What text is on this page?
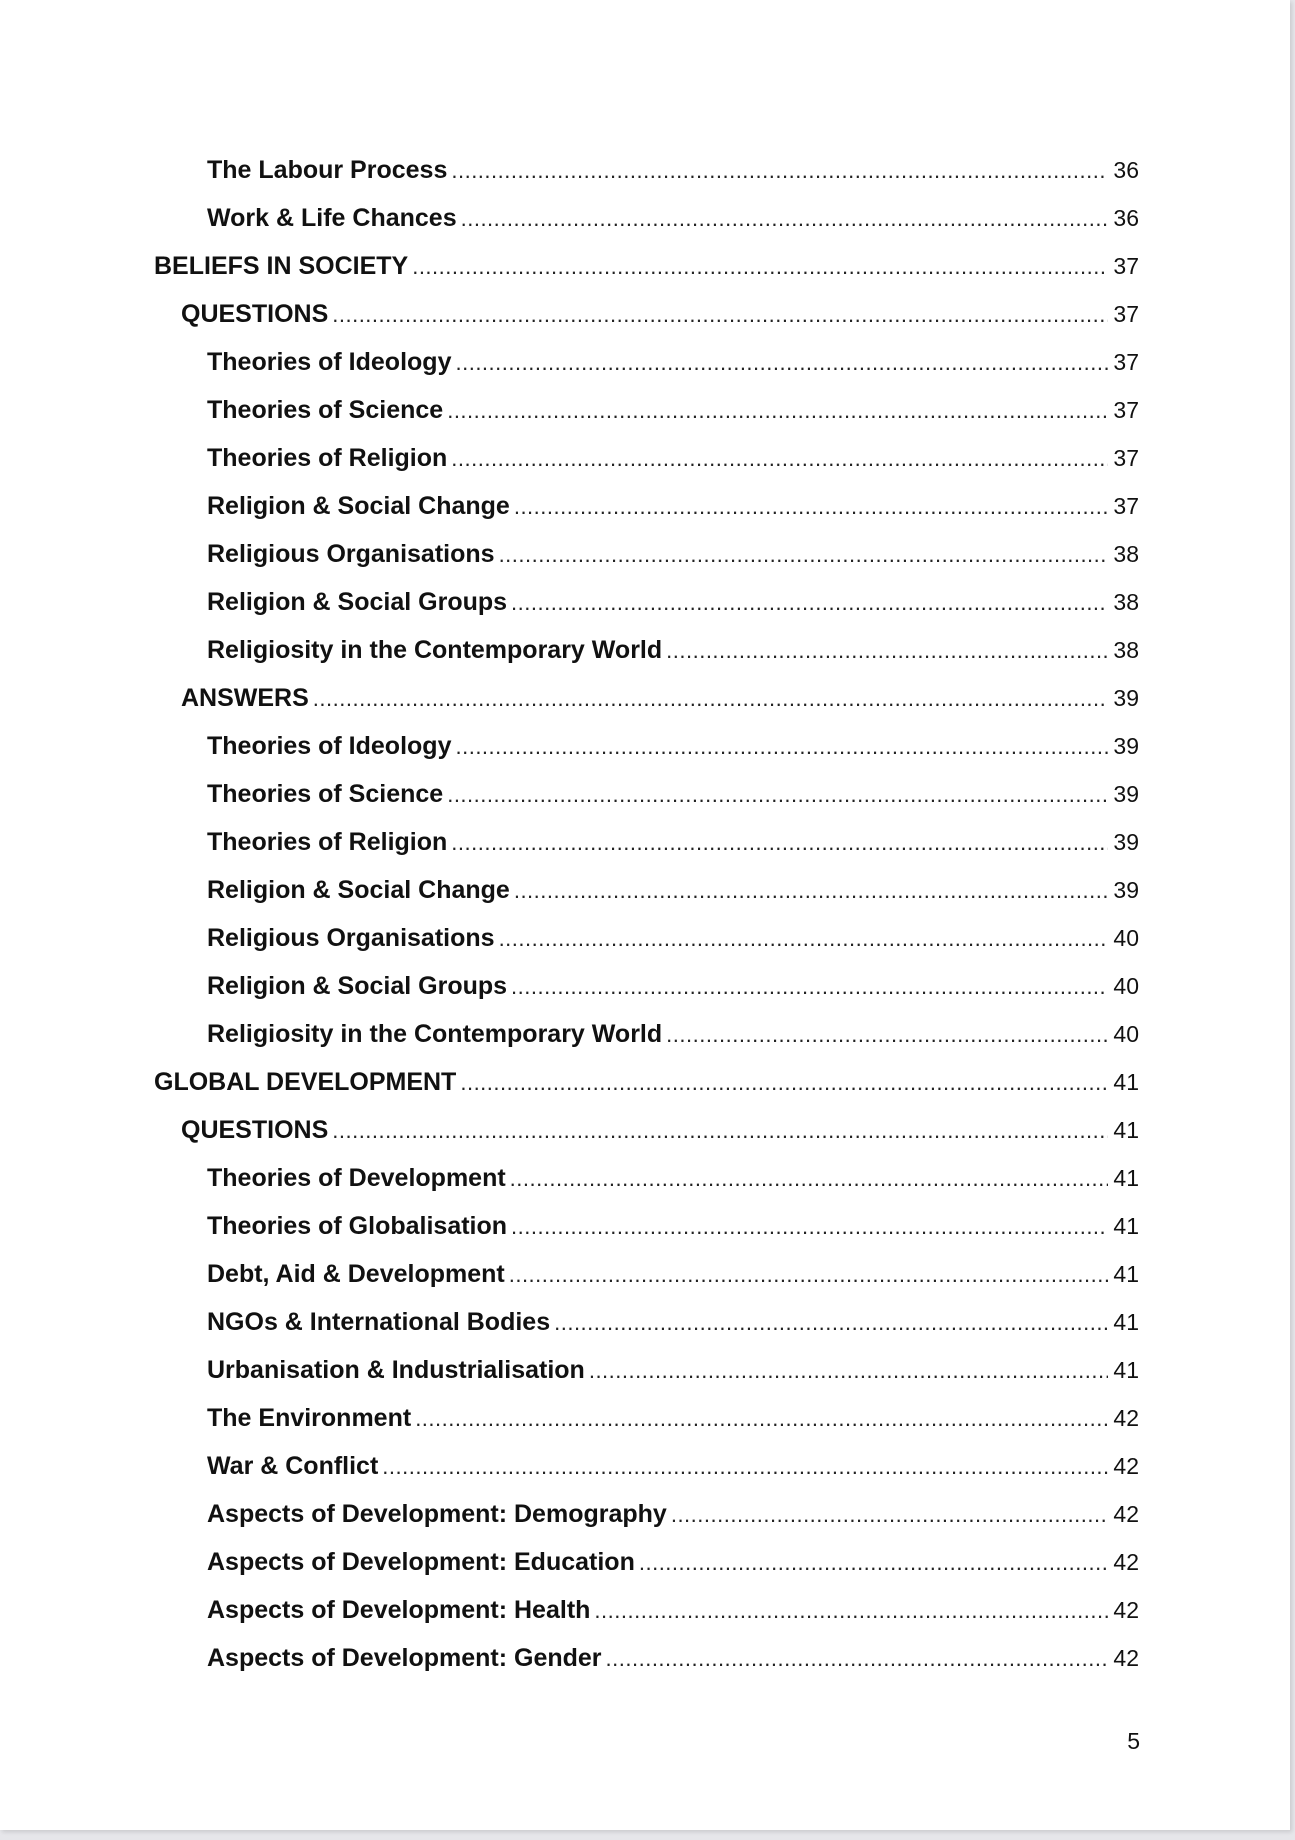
The Labour Process .....	36
Work & Life Chances .....	36
BELIEFS IN SOCIETY .....	37
QUESTIONS .....	37
Theories of Ideology .....	37
Theories of Science .....	37
Theories of Religion .....	37
Religion & Social Change .....	37
Religious Organisations .....	38
Religion & Social Groups .....	38
Religiosity in the Contemporary World .....	38
ANSWERS .....	39
Theories of Ideology .....	39
Theories of Science .....	39
Theories of Religion .....	39
Religion & Social Change .....	39
Religious Organisations .....	40
Religion & Social Groups .....	40
Religiosity in the Contemporary World .....	40
GLOBAL DEVELOPMENT .....	41
QUESTIONS .....	41
Theories of Development .....	41
Theories of Globalisation .....	41
Debt, Aid & Development .....	41
NGOs & International Bodies .....	41
Urbanisation & Industrialisation .....	41
The Environment .....	42
War & Conflict .....	42
Aspects of Development: Demography .....	42
Aspects of Development: Education .....	42
Aspects of Development: Health .....	42
Aspects of Development: Gender .....	42
5
